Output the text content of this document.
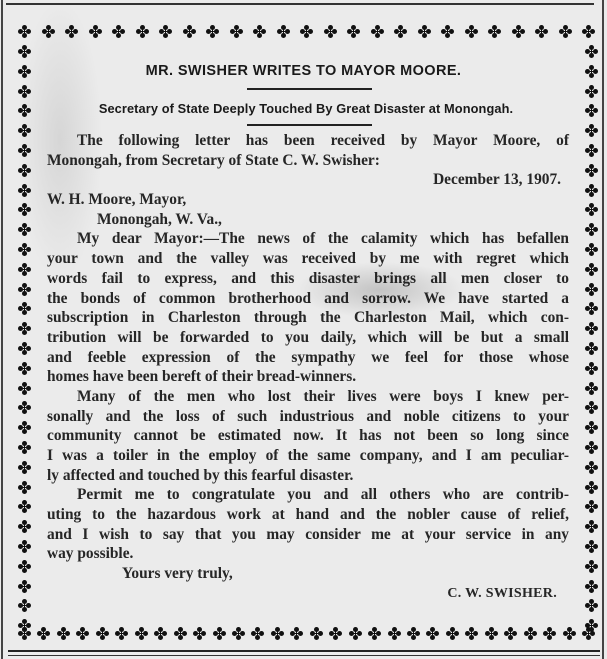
MR. SWISHER WRITES TO MAYOR MOORE.
Secretary of State Deeply Touched By Great Disaster at Monongah.
The following letter has been received by Mayor Moore, of
Monongah, from Secretary of State C. W. Swisher:
December 13, 1907.
W. H. Moore, Mayor,
Monongah, W. Va.,
My dear Mayor:—The news of the calamity which has befallen
your town and the valley was received by me with regret which
words fail to express, and this disaster brings all men closer to
the bonds of common brotherhood and sorrow. We have started a
subscription in Charleston through the Charleston Mail, which con-
tribution will be forwarded to you daily, which will be but a small
and feeble expression of the sympathy we feel for those whose
homes have been bereft of their bread-winners.
Many of the men who lost their lives were boys I knew per-
sonally and the loss of such industrious and noble citizens to your
community cannot be estimated now. It has not been so long since
I was a toiler in the employ of the same company, and I am peculiar-
ly affected and touched by this fearful disaster.
Permit me to congratulate you and all others who are contrib-
uting to the hazardous work at hand and the nobler cause of relief,
and I wish to say that you may consider me at your service in any
way possible.
Yours very truly,
C. W. SWISHER.
